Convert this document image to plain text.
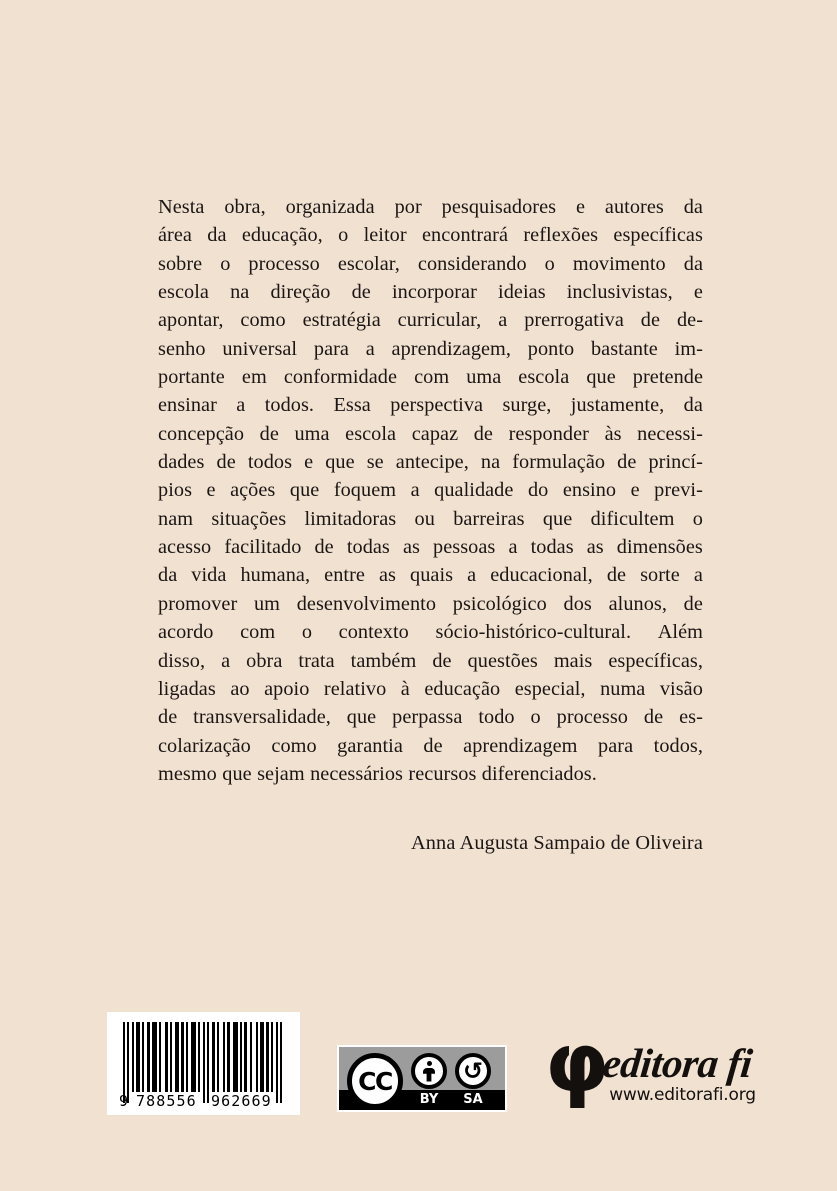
Nesta obra, organizada por pesquisadores e autores da
área da educação, o leitor encontrará reflexões específicas
sobre o processo escolar, considerando o movimento da
escola na direção de incorporar ideias inclusivistas, e
apontar, como estratégia curricular, a prerrogativa de de-
senho universal para a aprendizagem, ponto bastante im-
portante em conformidade com uma escola que pretende
ensinar a todos. Essa perspectiva surge, justamente, da
concepção de uma escola capaz de responder às necessi-
dades de todos e que se antecipe, na formulação de princí-
pios e ações que foquem a qualidade do ensino e previ-
nam situações limitadoras ou barreiras que dificultem o
acesso facilitado de todas as pessoas a todas as dimensões
da vida humana, entre as quais a educacional, de sorte a
promover um desenvolvimento psicológico dos alunos, de
acordo com o contexto sócio-histórico-cultural. Além
disso, a obra trata também de questões mais específicas,
ligadas ao apoio relativo à educação especial, numa visão
de transversalidade, que perpassa todo o processo de es-
colarização como garantia de aprendizagem para todos,
mesmo que sejam necessários recursos diferenciados.
Anna Augusta Sampaio de Oliveira
9 788556 962669
CC	↻
BY	SA φ
editora fi
www.editorafi.org
